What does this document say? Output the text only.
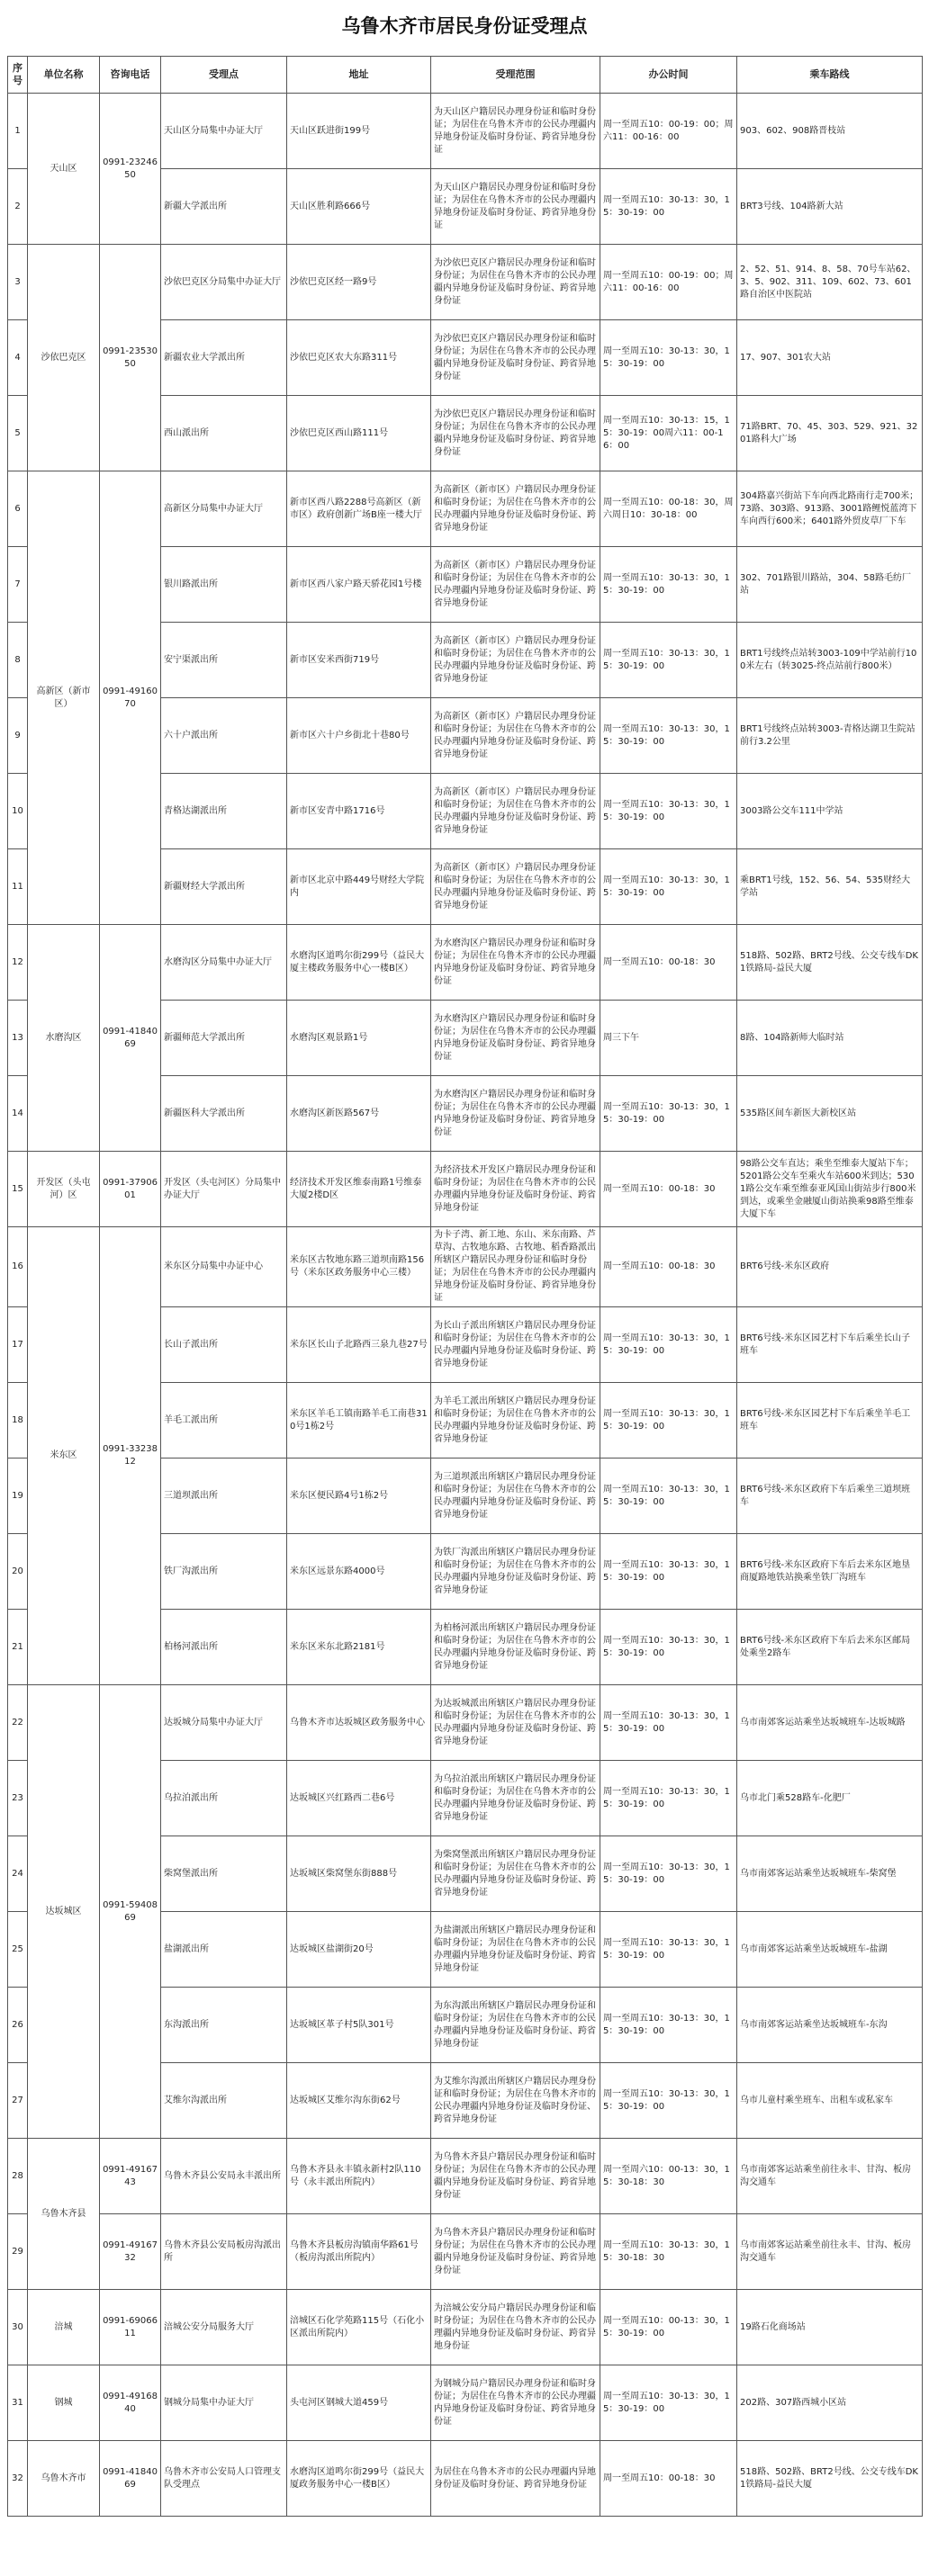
乌鲁木齐市居民身份证受理点
序号	单位名称	咨询电话	受理点	地址	受理范围	办公时间	乘车路线
1	天山区	0991-2324650	天山区分局集中办证大厅	天山区跃进街199号	为天山区户籍居民办理身份证和临时身份证；为居住在乌鲁木齐市的公民办理疆内异地身份证及临时身份证、跨省异地身份证	周一至周五10：00-19：00；周六11：00-16：00	903、602、908路晋枝站
2			新疆大学派出所	天山区胜利路666号	为天山区户籍居民办理身份证和临时身份证；为居住在乌鲁木齐市的公民办理疆内异地身份证及临时身份证、跨省异地身份证	周一至周五10：30-13：30，15：30-19：00	BRT3号线、104路新大站
3	沙依巴克区	0991-2353050	沙依巴克区分局集中办证大厅	沙依巴克区经一路9号	为沙依巴克区户籍居民办理身份证和临时身份证；为居住在乌鲁木齐市的公民办理疆内异地身份证及临时身份证、跨省异地身份证	周一至周五10：00-19：00；周六11：00-16：00	2、52、51、914、8、58、70号车站62、3、5、902、311、109、602、73、601路自治区中医院站
4			新疆农业大学派出所	沙依巴克区农大东路311号	为沙依巴克区户籍居民办理身份证和临时身份证；为居住在乌鲁木齐市的公民办理疆内异地身份证及临时身份证、跨省异地身份证	周一至周五10：30-13：30，15：30-19：00	17、907、301农大站
5			西山派出所	沙依巴克区西山路111号	为沙依巴克区户籍居民办理身份证和临时身份证；为居住在乌鲁木齐市的公民办理疆内异地身份证及临时身份证、跨省异地身份证	周一至周五10：30-13：15，15：30-19：00周六11：00-16：00	71路BRT、70、45、303、529、921、3201路科大广场
6	高新区（新市区）	0991-4916070	高新区分局集中办证大厅	新市区西八路2288号高新区（新市区）政府创新广场B座一楼大厅	为高新区（新市区）户籍居民办理身份证和临时身份证；为居住在乌鲁木齐市的公民办理疆内异地身份证及临时身份证、跨省异地身份证	周一至周五10：00-18：30，周六周日10：30-18：00	304路嘉兴街站下车向西北路南行走700米；73路、303路、913路、3001路鲤悦蓝湾下车向西行600米；6401路外贸皮草厂下车
7			银川路派出所	新市区西八家户路天骄花园1号楼	为高新区（新市区）户籍居民办理身份证和临时身份证；为居住在乌鲁木齐市的公民办理疆内异地身份证及临时身份证、跨省异地身份证	周一至周五10：30-13：30，15：30-19：00	302、701路银川路站，304、58路毛纺厂站
8			安宁渠派出所	新市区安米西街719号	为高新区（新市区）户籍居民办理身份证和临时身份证；为居住在乌鲁木齐市的公民办理疆内异地身份证及临时身份证、跨省异地身份证	周一至周五10：30-13：30，15：30-19：00	BRT1号线终点站转3003-109中学站前行100米左右（转3025-终点站前行800米）
9			六十户派出所	新市区六十户乡街北十巷80号	为高新区（新市区）户籍居民办理身份证和临时身份证；为居住在乌鲁木齐市的公民办理疆内异地身份证及临时身份证、跨省异地身份证	周一至周五10：30-13：30，15：30-19：00	BRT1号线终点站转3003-青格达湖卫生院站前行3.2公里
10			青格达湖派出所	新市区安青中路1716号	为高新区（新市区）户籍居民办理身份证和临时身份证；为居住在乌鲁木齐市的公民办理疆内异地身份证及临时身份证、跨省异地身份证	周一至周五10：30-13：30，15：30-19：00	3003路公交车111中学站
11			新疆财经大学派出所	新市区北京中路449号财经大学院内	为高新区（新市区）户籍居民办理身份证和临时身份证；为居住在乌鲁木齐市的公民办理疆内异地身份证及临时身份证、跨省异地身份证	周一至周五10：30-13：30，15：30-19：00	乘BRT1号线，152、56、54、535财经大学站
12	水磨沟区	0991-4184069	水磨沟区分局集中办证大厅	水磨沟区道鸣尔街299号（益民大厦主楼政务服务中心一楼B区）	为水磨沟区户籍居民办理身份证和临时身份证；为居住在乌鲁木齐市的公民办理疆内异地身份证及临时身份证、跨省异地身份证	周一至周五10：00-18：30	518路、502路、BRT2号线、公交专线车DK1铁路局-益民大厦
13			新疆师范大学派出所	水磨沟区观景路1号	为水磨沟区户籍居民办理身份证和临时身份证；为居住在乌鲁木齐市的公民办理疆内异地身份证及临时身份证、跨省异地身份证	周三下午	8路、104路新师大临时站
14			新疆医科大学派出所	水磨沟区新医路567号	为水磨沟区户籍居民办理身份证和临时身份证；为居住在乌鲁木齐市的公民办理疆内异地身份证及临时身份证、跨省异地身份证	周一至周五10：30-13：30，15：30-19：00	535路区间车新医大新校区站
15	开发区（头屯河）区	0991-3790601	开发区（头屯河区）分局集中办证大厅	经济技术开发区维泰南路1号维泰大厦2楼D区	为经济技术开发区户籍居民办理身份证和临时身份证；为居住在乌鲁木齐市的公民办理疆内异地身份证及临时身份证、跨省异地身份证	周一至周五10：00-18：30	98路公交车直达；乘坐至维泰大厦站下车；5201路公交车至乘火车站600米到达；5301路公交车乘至维泰亚风国山街站步行800米到达，或乘坐金融厦山街站换乘98路至维泰大厦下车
16	米东区	0991-3323812	米东区分局集中办证中心	米东区古牧地东路三道坝南路156号（米东区政务服务中心三楼）	为卡子湾、新工地、东山、米东南路、芦草沟、古牧地东路、古牧地、稻香路派出所辖区户籍居民办理身份证和临时身份证；为居住在乌鲁木齐市的公民办理疆内异地身份证及临时身份证、跨省异地身份证	周一至周五10：00-18：30	BRT6号线-米东区政府
17			长山子派出所	米东区长山子北路西三泉九巷27号	为长山子派出所辖区户籍居民办理身份证和临时身份证；为居住在乌鲁木齐市的公民办理疆内异地身份证及临时身份证、跨省异地身份证	周一至周五10：30-13：30，15：30-19：00	BRT6号线-米东区园艺村下车后乘坐长山子班车
18			羊毛工派出所	米东区羊毛工镇南路羊毛工南巷310号1栋2号	为羊毛工派出所辖区户籍居民办理身份证和临时身份证；为居住在乌鲁木齐市的公民办理疆内异地身份证及临时身份证、跨省异地身份证	周一至周五10：30-13：30，15：30-19：00	BRT6号线-米东区园艺村下车后乘坐羊毛工班车
19			三道坝派出所	米东区便民路4号1栋2号	为三道坝派出所辖区户籍居民办理身份证和临时身份证；为居住在乌鲁木齐市的公民办理疆内异地身份证及临时身份证、跨省异地身份证	周一至周五10：30-13：30，15：30-19：00	BRT6号线-米东区政府下车后乘坐三道坝班车
20			铁厂沟派出所	米东区远景东路4000号	为铁厂沟派出所辖区户籍居民办理身份证和临时身份证；为居住在乌鲁木齐市的公民办理疆内异地身份证及临时身份证、跨省异地身份证	周一至周五10：30-13：30，15：30-19：00	BRT6号线-米东区政府下车后去米东区地垦商厦路地铁站换乘坐铁厂沟班车
21			柏杨河派出所	米东区米东北路2181号	为柏杨河派出所辖区户籍居民办理身份证和临时身份证；为居住在乌鲁木齐市的公民办理疆内异地身份证及临时身份证、跨省异地身份证	周一至周五10：30-13：30，15：30-19：00	BRT6号线-米东区政府下车后去米东区邮局处乘坐2路车
22	达坂城区	0991-5940869	达坂城分局集中办证大厅	乌鲁木齐市达坂城区政务服务中心	为达坂城派出所辖区户籍居民办理身份证和临时身份证；为居住在乌鲁木齐市的公民办理疆内异地身份证及临时身份证、跨省异地身份证	周一至周五10：30-13：30，15：30-19：00	乌市南郊客运站乘坐达坂城班车-达坂城路
23			乌拉泊派出所	达坂城区兴红路西二巷6号	为乌拉泊派出所辖区户籍居民办理身份证和临时身份证；为居住在乌鲁木齐市的公民办理疆内异地身份证及临时身份证、跨省异地身份证	周一至周五10：30-13：30，15：30-19：00	乌市北门乘528路车-化肥厂
24			柴窝堡派出所	达坂城区柴窝堡东街888号	为柴窝堡派出所辖区户籍居民办理身份证和临时身份证；为居住在乌鲁木齐市的公民办理疆内异地身份证及临时身份证、跨省异地身份证	周一至周五10：30-13：30，15：30-19：00	乌市南郊客运站乘坐达坂城班车-柴窝堡
25			盐湖派出所	达坂城区盐湖街20号	为盐湖派出所辖区户籍居民办理身份证和临时身份证；为居住在乌鲁木齐市的公民办理疆内异地身份证及临时身份证、跨省异地身份证	周一至周五10：30-13：30，15：30-19：00	乌市南郊客运站乘坐达坂城班车-盐湖
26			东沟派出所	达坂城区革子村5队301号	为东沟派出所辖区户籍居民办理身份证和临时身份证；为居住在乌鲁木齐市的公民办理疆内异地身份证及临时身份证、跨省异地身份证	周一至周五10：30-13：30，15：30-19：00	乌市南郊客运站乘坐达坂城班车-东沟
27			艾维尔沟派出所	达坂城区艾维尔沟东街62号	为艾维尔沟派出所辖区户籍居民办理身份证和临时身份证；为居住在乌鲁木齐市的公民办理疆内异地身份证及临时身份证、跨省异地身份证	周一至周五10：30-13：30，15：30-19：00	乌市儿童村乘坐班车、出租车或私家车
28	乌鲁木齐县	0991-4916743	乌鲁木齐县公安局永丰派出所	乌鲁木齐县永丰镇永新村2队110号（永丰派出所院内）	为乌鲁木齐县户籍居民办理身份证和临时身份证；为居住在乌鲁木齐市的公民办理疆内异地身份证及临时身份证、跨省异地身份证	周一至周六10：00-13：30，15：30-18：30	乌市南郊客运站乘坐前往永丰、甘沟、板房沟交通车
29		0991-4916732	乌鲁木齐县公安局板房沟派出所	乌鲁木齐县板房沟镇南华路61号（板房沟派出所院内）	为乌鲁木齐县户籍居民办理身份证和临时身份证；为居住在乌鲁木齐市的公民办理疆内异地身份证及临时身份证、跨省异地身份证	周一至周五10：30-13：30，15：30-18：30	乌市南郊客运站乘坐前往永丰、甘沟、板房沟交通车
30	涪城	0991-6906611	涪城公安分局服务大厅	涪城区石化学苑路115号（石化小区派出所院内）	为涪城公安分局户籍居民办理身份证和临时身份证；为居住在乌鲁木齐市的公民办理疆内异地身份证及临时身份证、跨省异地身份证	周一至周五10：00-13：30，15：30-19：00	19路石化商场站
31	钢城	0991-4916840	钢城分局集中办证大厅	头屯河区钢城大道459号	为钢城分局户籍居民办理身份证和临时身份证；为居住在乌鲁木齐市的公民办理疆内异地身份证及临时身份证、跨省异地身份证	周一至周五10：30-13：30，15：30-19：00	202路、307路西城小区站
32	乌鲁木齐市	0991-4184069	乌鲁木齐市公安局人口管理支队受理点	水磨沟区道鸣尔街299号（益民大厦政务服务中心一楼B区）	为居住在乌鲁木齐市的公民办理疆内异地身份证及临时身份证、跨省异地身份证	周一至周五10：00-18：30	518路、502路、BRT2号线、公交专线车DK1铁路局-益民大厦
